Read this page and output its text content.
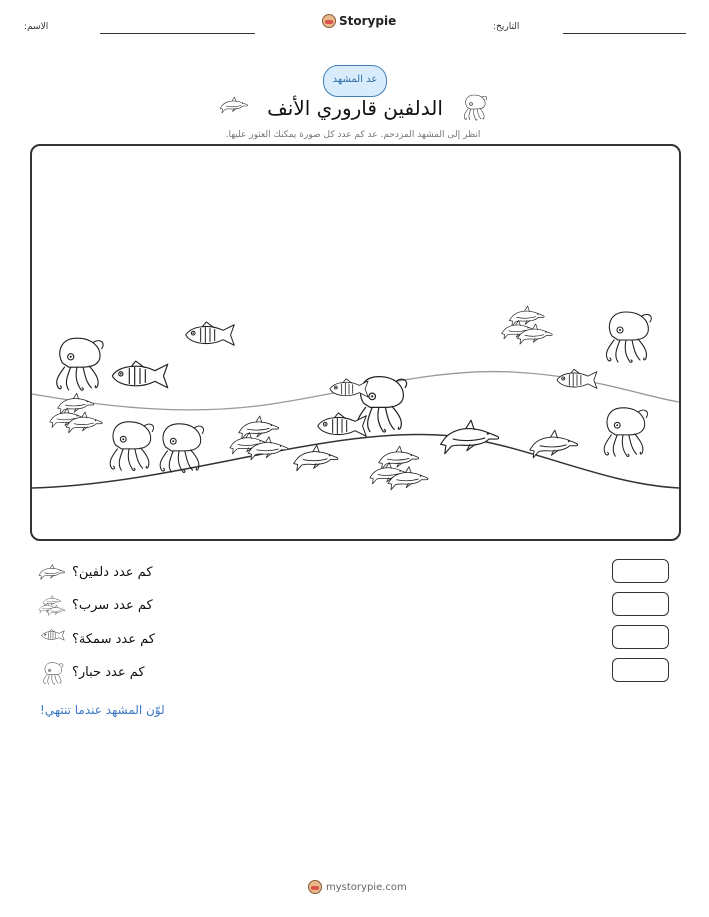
:الاسم	Storypie	:التاريخ
عد المشهد
الدلفين قاروري الأنف
انظر إلى المشهد المزدحم. عد كم عدد كل صورة يمكنك العثور عليها.
كم عدد دلفين؟
كم عدد سرب؟
كم عدد سمكة؟
كم عدد حبار؟
لوّن المشهد عندما تنتهي!
mystorypie.com
